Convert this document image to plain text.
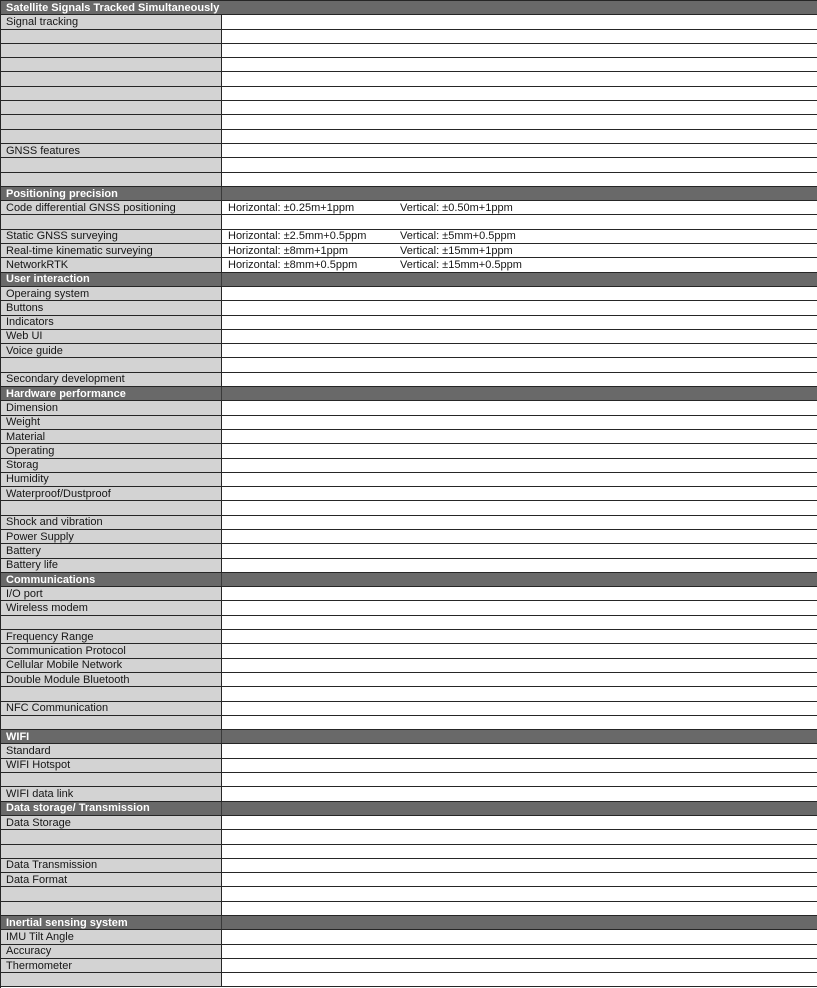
Satellite Signals Tracked Simultaneously
Signal tracking
GNSS features
Positioning precision
Code differential GNSS positioning	Horizontal: ±0.25m+1ppm	Vertical: ±0.50m+1ppm
Static GNSS surveying	Horizontal: ±2.5mm+0.5ppm	Vertical: ±5mm+0.5ppm
Real-time kinematic surveying	Horizontal: ±8mm+1ppm	Vertical: ±15mm+1ppm
NetworkRTK	Horizontal: ±8mm+0.5ppm	Vertical: ±15mm+0.5ppm
User interaction
Operaing system
Buttons
Indicators
Web UI
Voice guide
Secondary development
Hardware performance
Dimension
Weight
Material
Operating
Storag
Humidity
Waterproof/Dustproof
Shock and vibration
Power Supply
Battery
Battery life
Communications
I/O port
Wireless modem
Frequency Range
Communication Protocol
Cellular Mobile Network
Double Module Bluetooth
NFC Communication
WIFI
Standard
WIFI Hotspot
WIFI data link
Data storage/ Transmission
Data Storage
Data Transmission
Data Format
Inertial sensing system
IMU Tilt Angle
Accuracy
Thermometer
